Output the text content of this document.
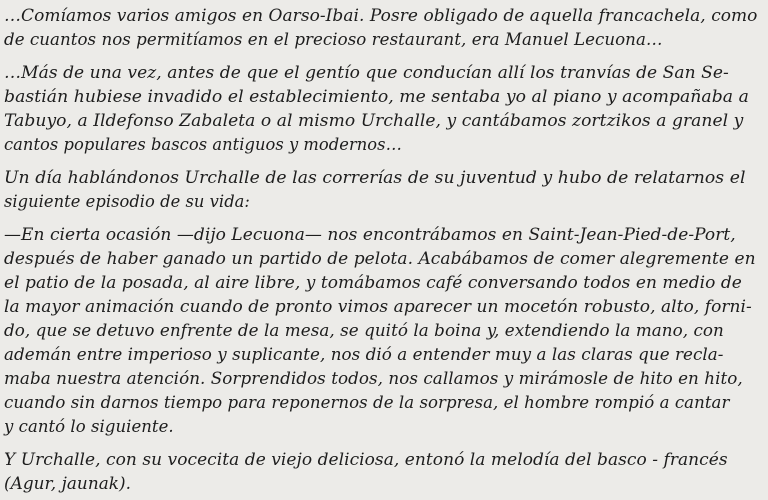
…Comíamos varios amigos en Oarso-Ibai. Posre obligado de aquella francachela, como
de cuantos nos permitíamos en el precioso restaurant, era Manuel Lecuona…

…Más de una vez, antes de que el gentío que conducían allí los tranvías de San Se-
bastián hubiese invadido el establecimiento, me sentaba yo al piano y acompañaba a
Tabuyo, a Ildefonso Zabaleta o al mismo Urchalle, y cantábamos zortzikos a granel y
cantos populares bascos antiguos y modernos…

Un día hablándonos Urchalle de las correrías de su juventud y hubo de relatarnos el
siguiente episodio de su vida:

—En cierta ocasión —dijo Lecuona— nos encontrábamos en Saint-Jean-Pied-de-Port,
después de haber ganado un partido de pelota. Acabábamos de comer alegremente en
el patio de la posada, al aire libre, y tomábamos café conversando todos en medio de
la mayor animación cuando de pronto vimos aparecer un mocetón robusto, alto, forni-
do, que se detuvo enfrente de la mesa, se quitó la boina y, extendiendo la mano, con
ademán entre imperioso y suplicante, nos dió a entender muy a las claras que recla-
maba nuestra atención. Sorprendidos todos, nos callamos y mirámosle de hito en hito,
cuando sin darnos tiempo para reponernos de la sorpresa, el hombre rompió a cantar
y cantó lo siguiente.

Y Urchalle, con su vocecita de viejo deliciosa, entonó la melodía del basco - francés
(Agur, jaunak).
